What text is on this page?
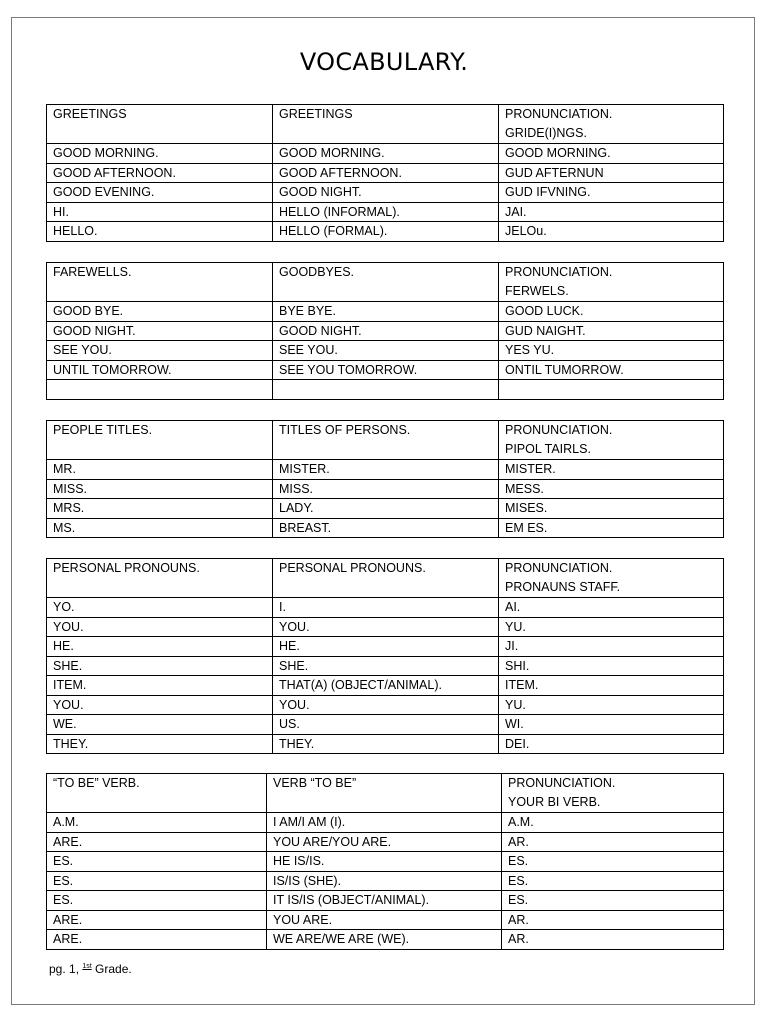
VOCABULARY.
GREETINGS	GREETINGS	PRONUNCIATION.
GRIDE(I)NGS.

GOOD MORNING.	GOOD MORNING.	GOOD MORNING.
GOOD AFTERNOON.	GOOD AFTERNOON.	GUD AFTERNUN
GOOD EVENING.	GOOD NIGHT.	GUD IFVNING.
HI.	HELLO (INFORMAL).	JAI.
HELLO.	HELLO (FORMAL).	JELOu.
FAREWELLS.	GOODBYES.	PRONUNCIATION.
FERWELS.

GOOD BYE.	BYE BYE.	GOOD LUCK.
GOOD NIGHT.	GOOD NIGHT.	GUD NAIGHT.
SEE YOU.	SEE YOU.	YES YU.
UNTIL TOMORROW.	SEE YOU TOMORROW.	ONTIL TUMORROW.

PEOPLE TITLES.	TITLES OF PERSONS.	PRONUNCIATION.
PIPOL TAIRLS.

MR.	MISTER.	MISTER.
MISS.	MISS.	MESS.
MRS.	LADY.	MISES.
MS.	BREAST.	EM ES.
PERSONAL PRONOUNS.	PERSONAL PRONOUNS.	PRONUNCIATION.
PRONAUNS STAFF.

YO.	I.	AI.
YOU.	YOU.	YU.
HE.	HE.	JI.
SHE.	SHE.	SHI.
ITEM.	THAT(A) (OBJECT/ANIMAL).	ITEM.
YOU.	YOU.	YU.
WE.	US.	WI.
THEY.	THEY.	DEI.
“TO BE” VERB.	VERB “TO BE”	PRONUNCIATION.
YOUR BI VERB.

A.M.	I AM/I AM (I).	A.M.
ARE.	YOU ARE/YOU ARE.	AR.
ES.	HE IS/IS.	ES.
ES.	IS/IS (SHE).	ES.
ES.	IT IS/IS (OBJECT/ANIMAL).	ES.
ARE.	YOU ARE.	AR.
ARE.	WE ARE/WE ARE (WE).	AR.
pg. 1, $^{1st}$ Grade.
